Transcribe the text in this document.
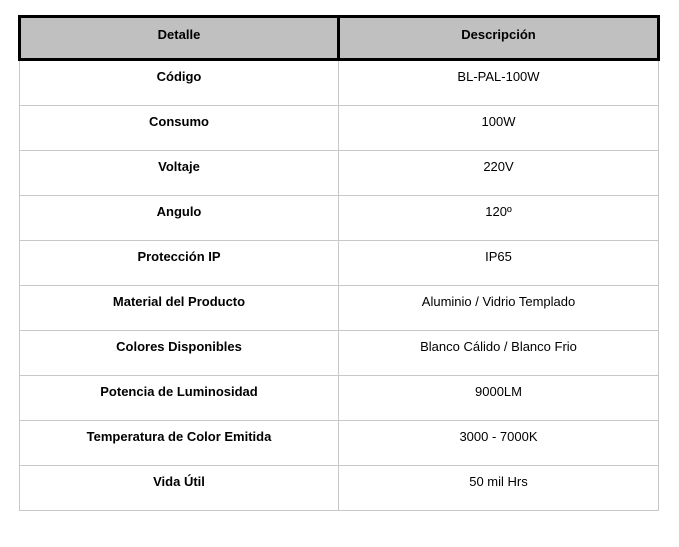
Detalle	Descripción
Código	BL-PAL-100W
Consumo	100W
Voltaje	220V
Angulo	120º
Protección IP	IP65
Material del Producto	Aluminio / Vidrio Templado
Colores Disponibles	Blanco Cálido / Blanco Frio
Potencia de Luminosidad	9000LM
Temperatura de Color Emitida	3000 - 7000K
Vida Útil	50 mil Hrs
